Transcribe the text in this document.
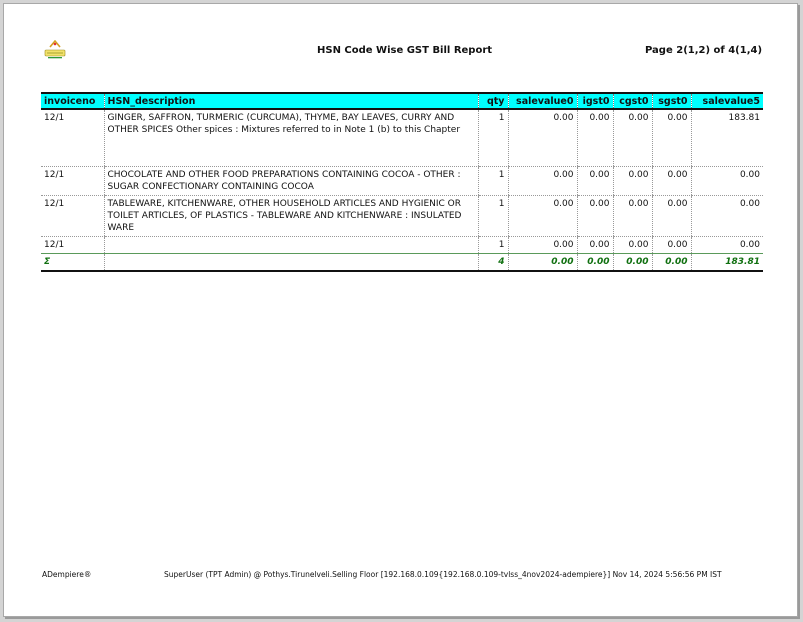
HSN Code Wise GST Bill Report	Page 2(1,2) of 4(1,4)
invoiceno	HSN_description	qty	salevalue0	igst0	cgst0	sgst0	salevalue5
12/1	GINGER, SAFFRON, TURMERIC (CURCUMA), THYME, BAY LEAVES, CURRY AND OTHER SPICES Other spices : Mixtures referred to in Note 1 (b) to this Chapter	1	0.00	0.00	0.00	0.00	183.81
12/1	CHOCOLATE AND OTHER FOOD PREPARATIONS CONTAINING COCOA - OTHER : SUGAR CONFECTIONARY CONTAINING COCOA	1	0.00	0.00	0.00	0.00	0.00
12/1	TABLEWARE, KITCHENWARE, OTHER HOUSEHOLD ARTICLES AND HYGIENIC OR TOILET ARTICLES, OF PLASTICS - TABLEWARE AND KITCHENWARE : INSULATED WARE	1	0.00	0.00	0.00	0.00	0.00
12/1		1	0.00	0.00	0.00	0.00	0.00
Σ		4	0.00	0.00	0.00	0.00	183.81
ADempiere®	SuperUser (TPT Admin) @ Pothys.Tirunelveli.Selling Floor [192.168.0.109{192.168.0.109-tvlss_4nov2024-adempiere}] Nov 14, 2024 5:56:56 PM IST
